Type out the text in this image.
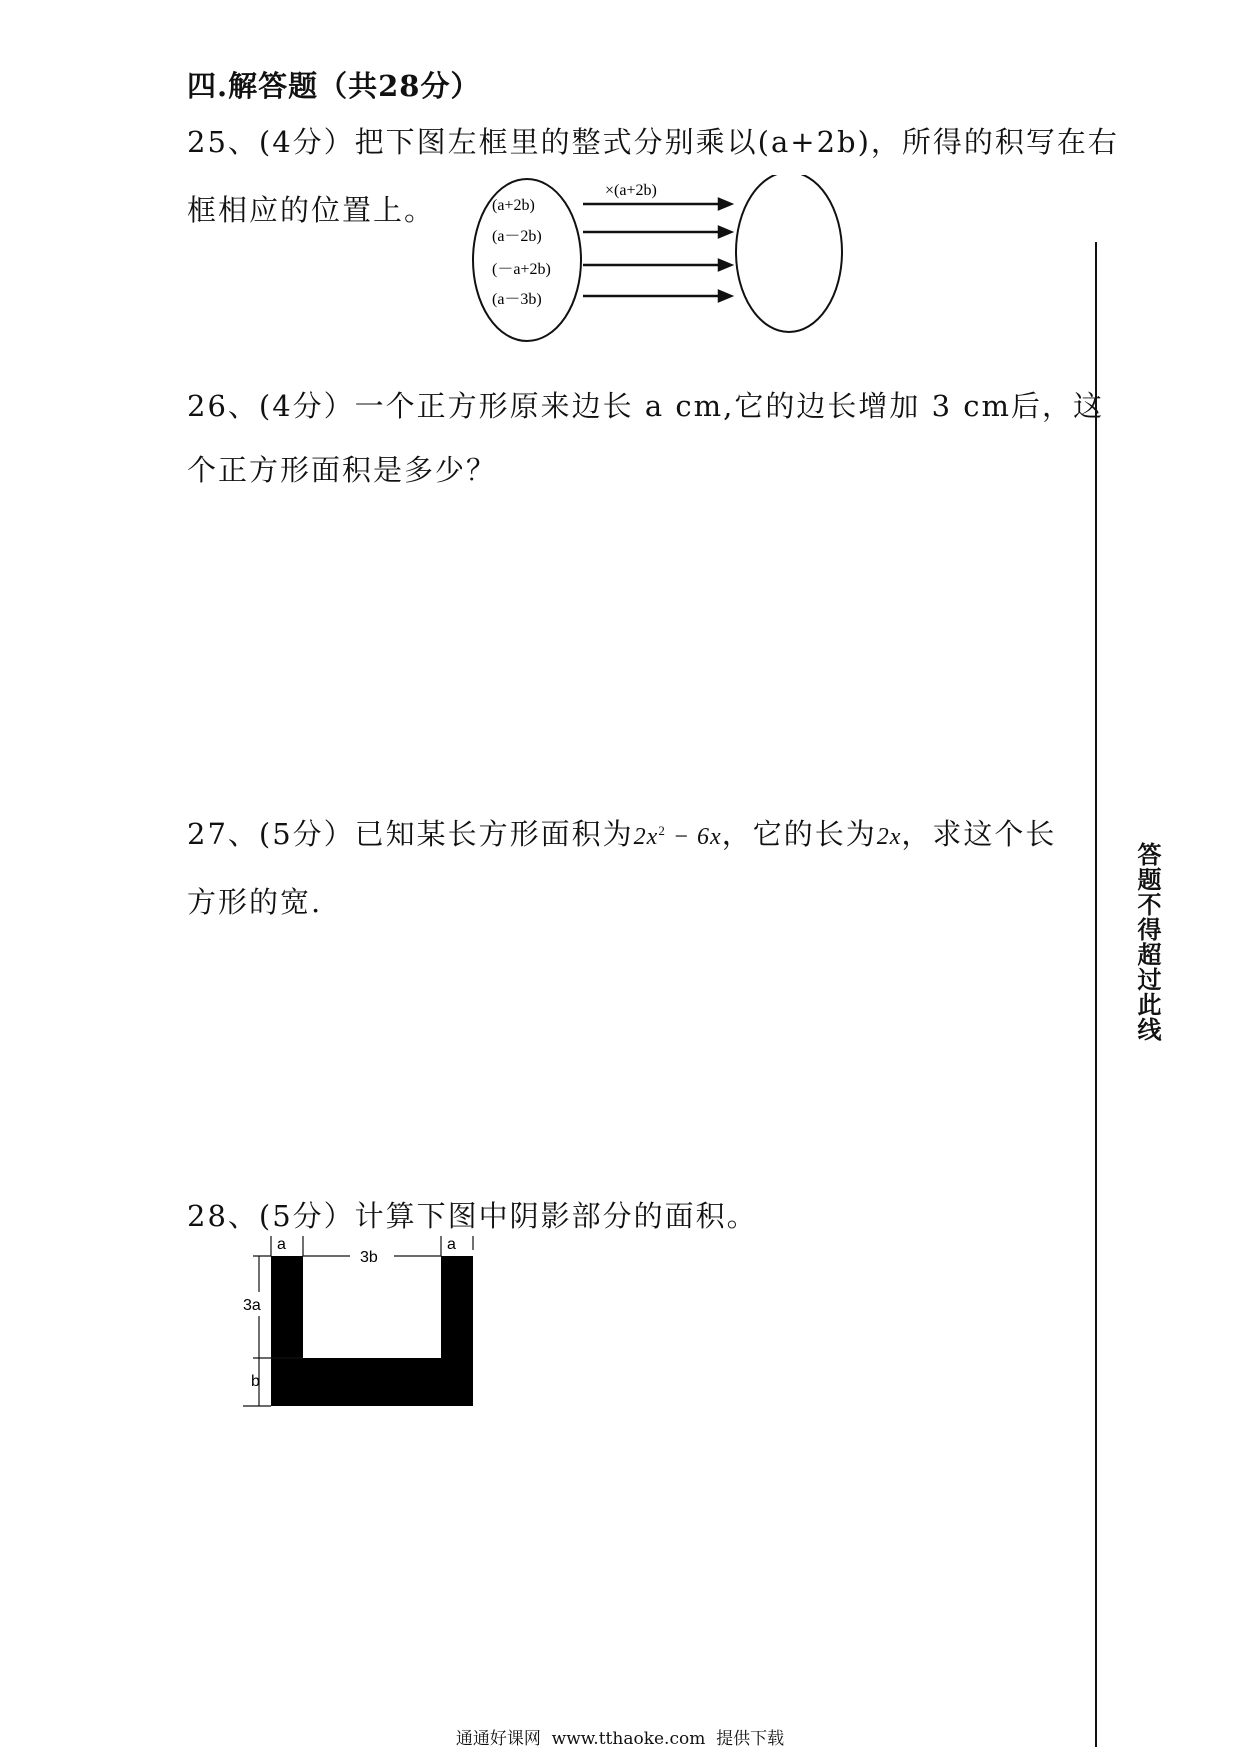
四.解答题（共28分）
25、(4分）把下图左框里的整式分别乘以(a+2b)，所得的积写在右
框相应的位置上。
×(a+2b)
(a+2b)
(a－2b)
(－a+2b)
(a－3b)
26、(4分）一个正方形原来边长 a cm,它的边长增加 3 cm后，这
个正方形面积是多少？
27、(5分）已知某长方形面积为$2x^2 - 6x$，它的长为2x，求这个长
方形的宽.
28、(5分）计算下图中阴影部分的面积。
a
3b
a
3a
b
答题不得超过此线
通通好课网  www.tthaoke.com  提供下载
